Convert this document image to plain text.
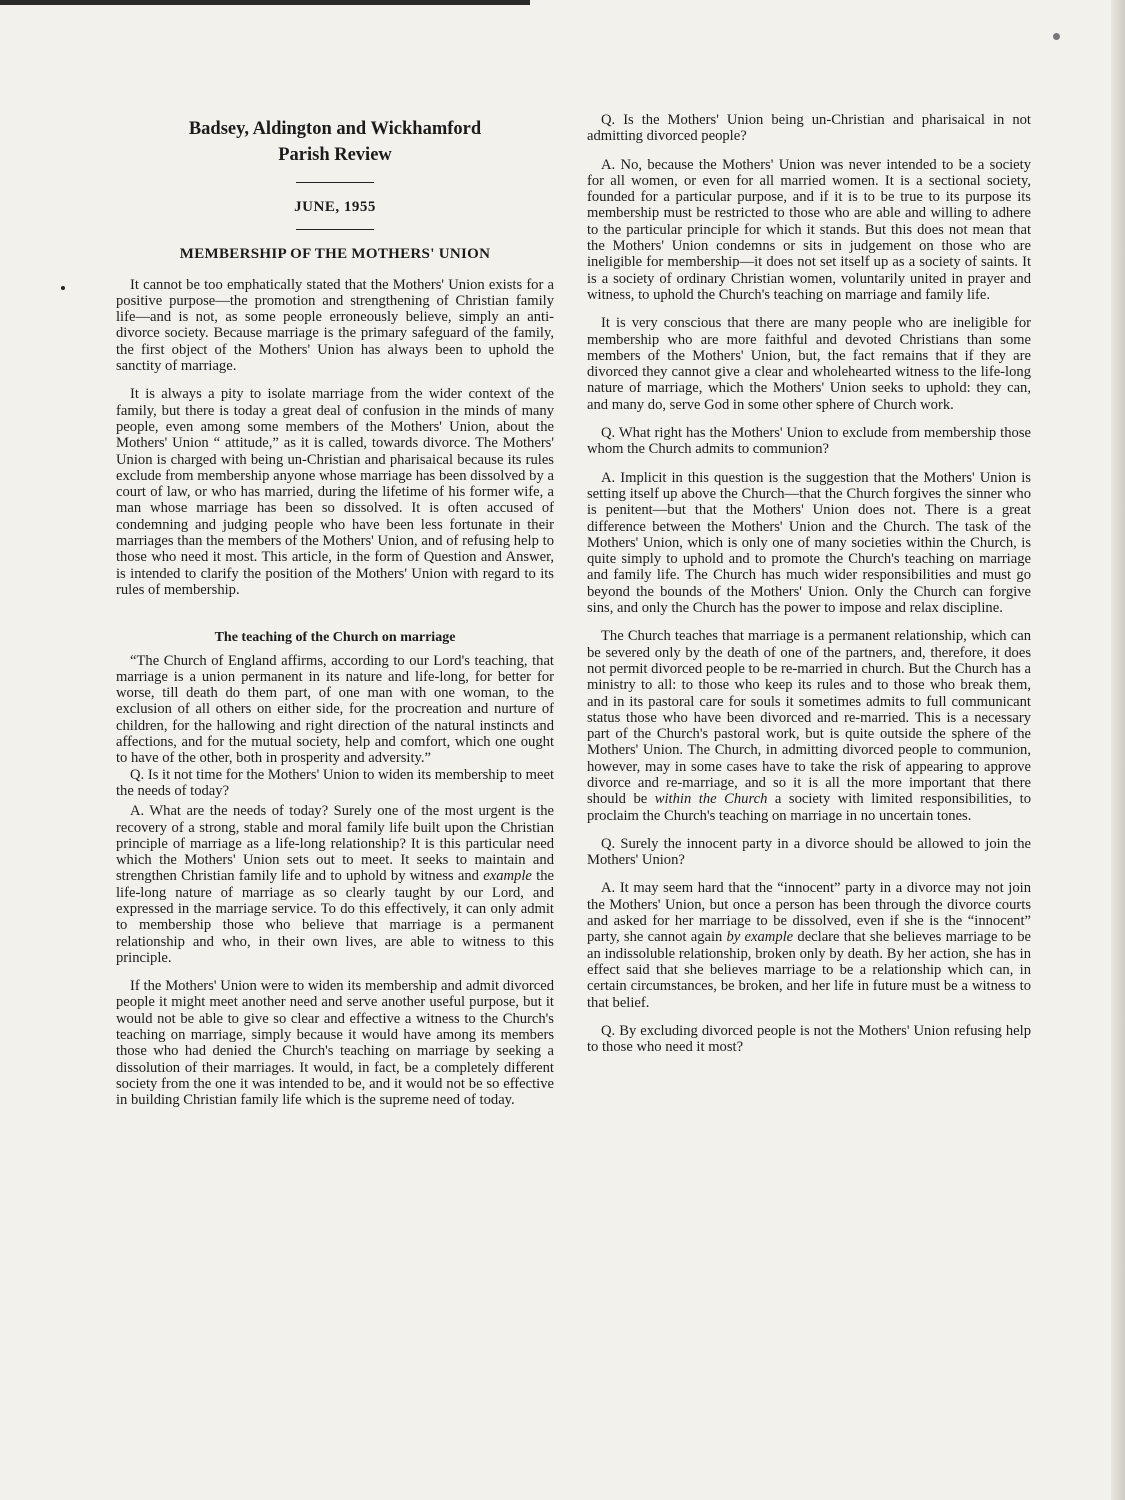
Badsey, Aldington and Wickhamford
Parish Review
JUNE, 1955
MEMBERSHIP OF THE MOTHERS' UNION

It cannot be too emphatically stated that the Mothers' Union exists for a positive purpose—the promotion and strengthening of Christian family life—and is not, as some people erroneously believe, simply an anti-divorce society. Because marriage is the primary safeguard of the family, the first object of the Mothers' Union has always been to uphold the sanctity of marriage.

It is always a pity to isolate marriage from the wider context of the family, but there is today a great deal of confusion in the minds of many people, even among some members of the Mothers' Union, about the Mothers' Union “ attitude,” as it is called, towards divorce. The Mothers' Union is charged with being un-Christian and pharisaical because its rules exclude from membership anyone whose marriage has been dissolved by a court of law, or who has married, during the lifetime of his former wife, a man whose marriage has been so dissolved. It is often accused of condemning and judging people who have been less fortunate in their marriages than the members of the Mothers' Union, and of refusing help to those who need it most. This article, in the form of Question and Answer, is intended to clarify the position of the Mothers' Union with regard to its rules of membership.

The teaching of the Church on marriage

“The Church of England affirms, according to our Lord's teaching, that marriage is a union permanent in its nature and life-long, for better for worse, till death do them part, of one man with one woman, to the exclusion of all others on either side, for the procreation and nurture of children, for the hallowing and right direction of the natural instincts and affections, and for the mutual society, help and comfort, which one ought to have of the other, both in prosperity and adversity.”

Q. Is it not time for the Mothers' Union to widen its membership to meet the needs of today?

A. What are the needs of today? Surely one of the most urgent is the recovery of a strong, stable and moral family life built upon the Christian principle of marriage as a life-long relationship? It is this particular need which the Mothers' Union sets out to meet. It seeks to maintain and strengthen Christian family life and to uphold by witness and example the life-long nature of marriage as so clearly taught by our Lord, and expressed in the marriage service. To do this effectively, it can only admit to membership those who believe that marriage is a permanent relationship and who, in their own lives, are able to witness to this principle.

If the Mothers' Union were to widen its membership and admit divorced people it might meet another need and serve another useful purpose, but it would not be able to give so clear and effective a witness to the Church's teaching on marriage, simply because it would have among its members those who had denied the Church's teaching on marriage by seeking a dissolution of their marriages. It would, in fact, be a completely different society from the one it was intended to be, and it would not be so effective in building Christian family life which is the supreme need of today.

Q. Is the Mothers' Union being un-Christian and pharisaical in not admitting divorced people?

A. No, because the Mothers' Union was never intended to be a society for all women, or even for all married women. It is a sectional society, founded for a particular purpose, and if it is to be true to its purpose its membership must be restricted to those who are able and willing to adhere to the particular principle for which it stands. But this does not mean that the Mothers' Union condemns or sits in judgement on those who are ineligible for membership—it does not set itself up as a society of saints. It is a society of ordinary Christian women, voluntarily united in prayer and witness, to uphold the Church's teaching on marriage and family life.

It is very conscious that there are many people who are ineligible for membership who are more faithful and devoted Christians than some members of the Mothers' Union, but, the fact remains that if they are divorced they cannot give a clear and wholehearted witness to the life-long nature of marriage, which the Mothers' Union seeks to uphold: they can, and many do, serve God in some other sphere of Church work.

Q. What right has the Mothers' Union to exclude from membership those whom the Church admits to communion?

A. Implicit in this question is the suggestion that the Mothers' Union is setting itself up above the Church—that the Church forgives the sinner who is penitent—but that the Mothers' Union does not. There is a great difference between the Mothers' Union and the Church. The task of the Mothers' Union, which is only one of many societies within the Church, is quite simply to uphold and to promote the Church's teaching on marriage and family life. The Church has much wider responsibilities and must go beyond the bounds of the Mothers' Union. Only the Church can forgive sins, and only the Church has the power to impose and relax discipline.

The Church teaches that marriage is a permanent relationship, which can be severed only by the death of one of the partners, and, therefore, it does not permit divorced people to be re-married in church. But the Church has a ministry to all: to those who keep its rules and to those who break them, and in its pastoral care for souls it sometimes admits to full communicant status those who have been divorced and re-married. This is a necessary part of the Church's pastoral work, but is quite outside the sphere of the Mothers' Union. The Church, in admitting divorced people to communion, however, may in some cases have to take the risk of appearing to approve divorce and re-marriage, and so it is all the more important that there should be within the Church a society with limited responsibilities, to proclaim the Church's teaching on marriage in no uncertain tones.

Q. Surely the innocent party in a divorce should be allowed to join the Mothers' Union?

A. It may seem hard that the “innocent” party in a divorce may not join the Mothers' Union, but once a person has been through the divorce courts and asked for her marriage to be dissolved, even if she is the “innocent” party, she cannot again by example declare that she believes marriage to be an indissoluble relationship, broken only by death. By her action, she has in effect said that she believes marriage to be a relationship which can, in certain circumstances, be broken, and her life in future must be a witness to that belief.

Q. By excluding divorced people is not the Mothers' Union refusing help to those who need it most?
